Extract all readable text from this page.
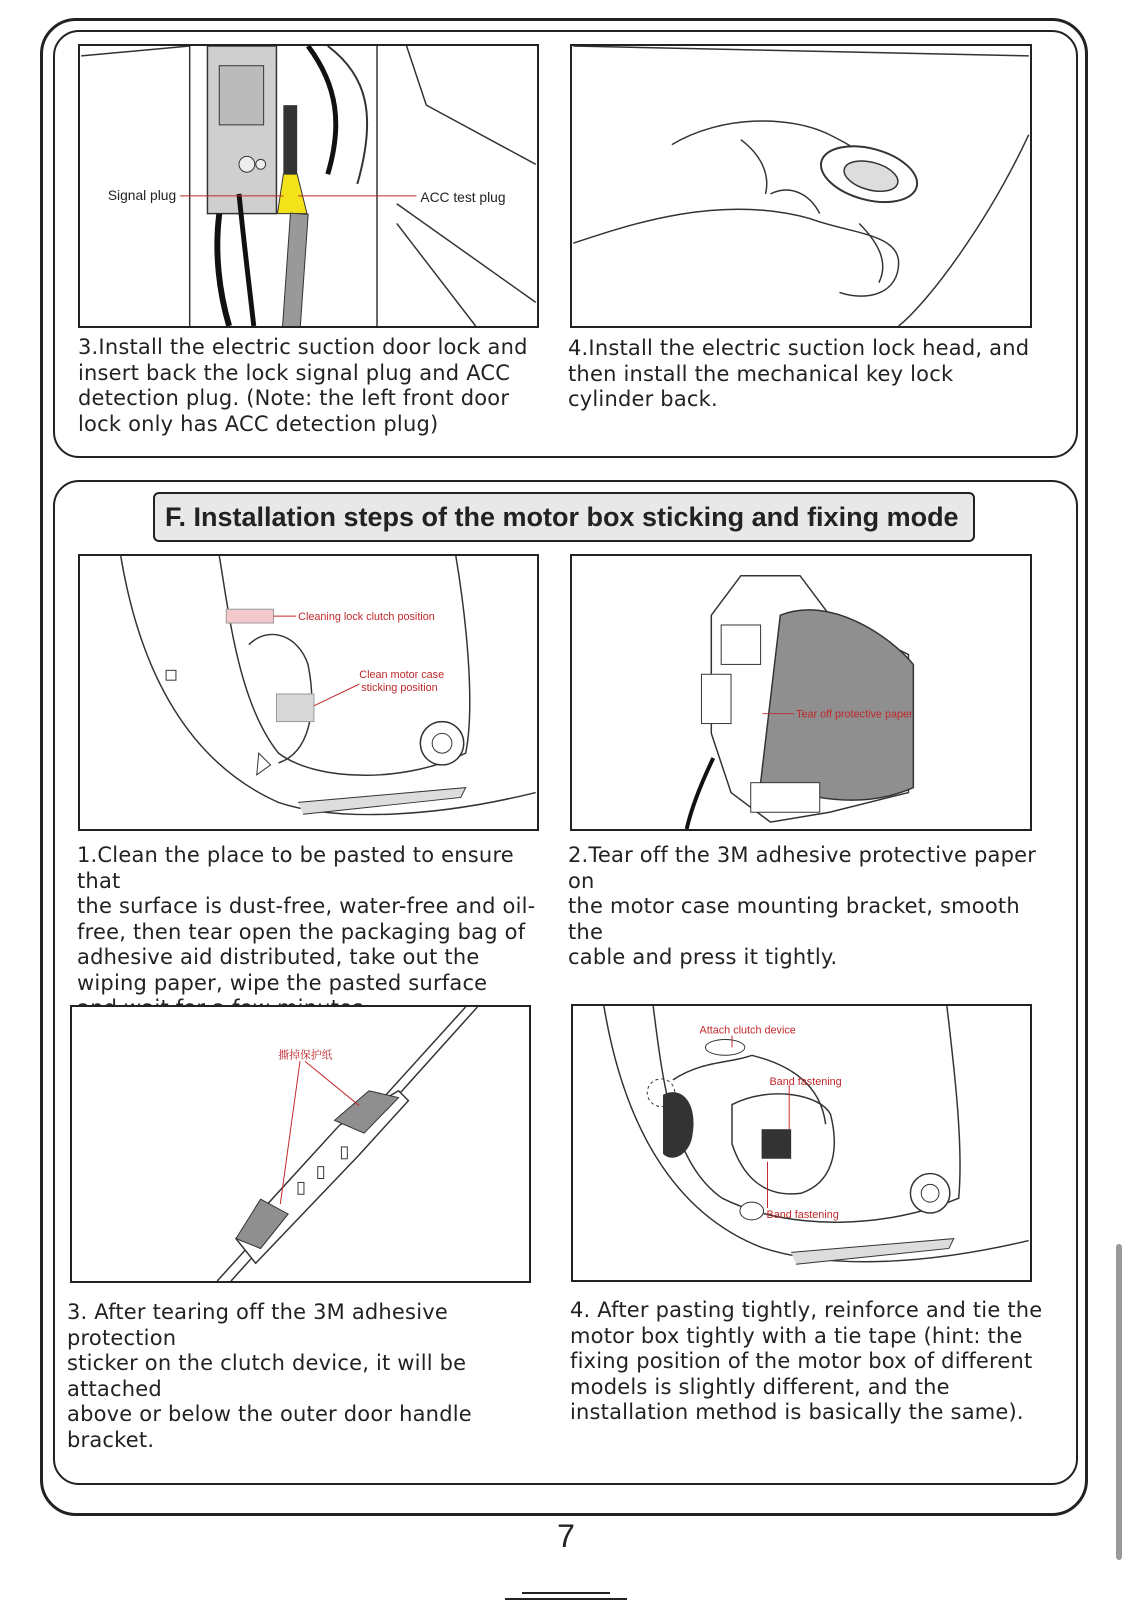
Signal plug	ACC test plug
3.Install the electric suction door lock and
insert back the lock signal plug and ACC
detection plug. (Note: the left front door
lock only has ACC detection plug)
4.Install the electric suction lock head, and
then install the mechanical key lock
cylinder back.
F. Installation steps of the motor box sticking and fixing mode
Cleaning lock clutch position
Clean motor case
sticking position
1.Clean the place to be pasted to ensure that
the surface is dust-free, water-free and oil-
free, then tear open the packaging bag of
adhesive aid distributed, take out the
wiping paper, wipe the pasted surface

Tear off protective paper
2.Tear off the 3M adhesive protective paper on
the motor case mounting bracket, smooth the
cable and press it tightly.
撕掉保护纸
3. After tearing off the 3M adhesive protection
sticker on the clutch device, it will be attached
above or below the outer door handle bracket.
Attach clutch device
Band fastening
Band fastening
4. After pasting tightly, reinforce and tie the
motor box tightly with a tie tape (hint: the
fixing position of the motor box of different
models is slightly different, and the
installation method is basically the same).
7
